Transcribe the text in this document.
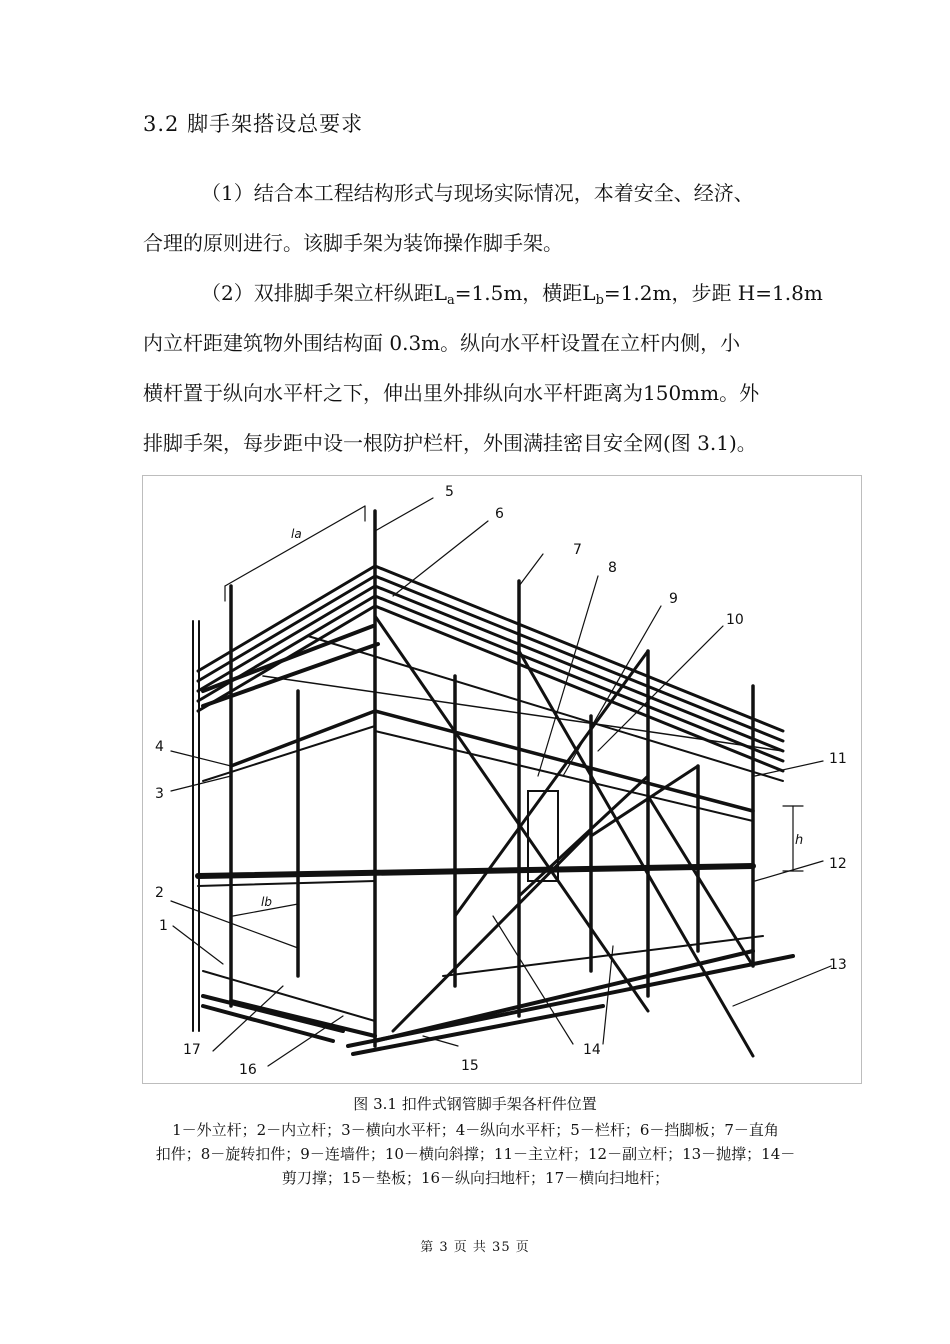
3.2 脚手架搭设总要求
（1）结合本工程结构形式与现场实际情况，本着安全、经济、
合理的原则进行。该脚手架为装饰操作脚手架。
（2）双排脚手架立杆纵距$L_a=1.5m$，横距$L_b=1.2m$，步距 H=1.8m
内立杆距建筑物外围结构面 0.3m。纵向水平杆设置在立杆内侧，小
横杆置于纵向水平杆之下，伸出里外排纵向水平杆距离为150mm。外
排脚手架，每步距中设一根防护栏杆，外围满挂密目安全网(图 3.1)。
5
6
7
8
9
10
11
12
13
14
15
16
17
1
2
3
4
la
lb
h
图 3.1 扣件式钢管脚手架各杆件位置
1－外立杆；2－内立杆；3－横向水平杆；4－纵向水平杆；5－栏杆；6－挡脚板；7－直角
扣件；8－旋转扣件；9－连墙件；10－横向斜撑；11－主立杆；12－副立杆；13－抛撑；14－
剪刀撑；15－垫板；16－纵向扫地杆；17－横向扫地杆；
第 3 页 共 35 页
